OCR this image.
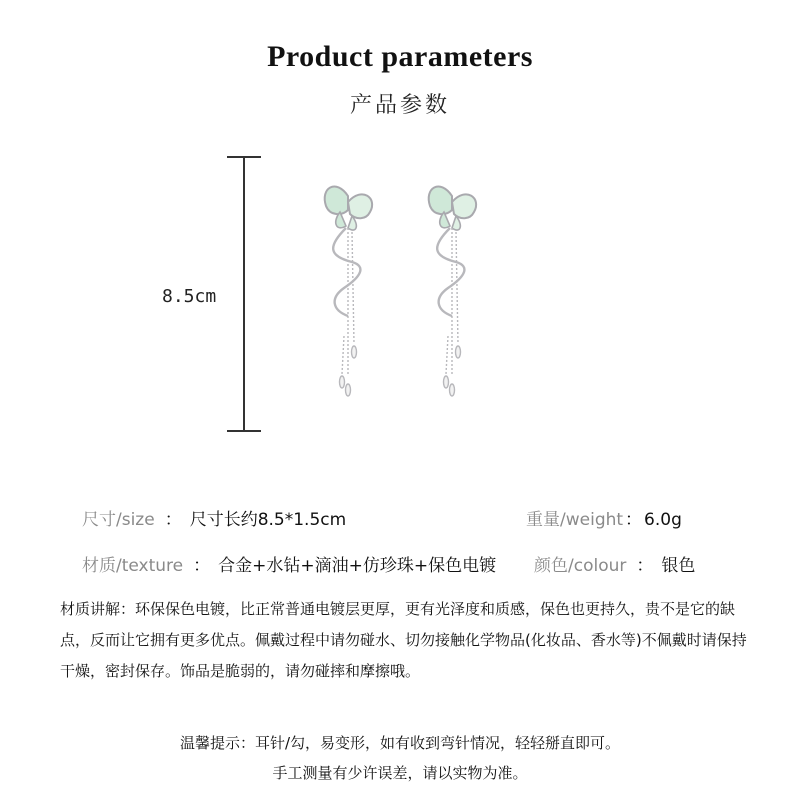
Product parameters
产品参数
8.5cm
尺寸/size ： 尺寸长约8.5*1.5cm	重量/weight ： 6.0g
材质/texture ： 合金+水钻+滴油+仿珍珠+保色电镀 颜色/colour ： 银色
材质讲解：环保保色电镀，比正常普通电镀层更厚，更有光泽度和质感，保色也更持久，贵不是它的缺点，反而让它拥有更多优点。佩戴过程中请勿碰水、切勿接触化学物品(化妆品、香水等)不佩戴时请保持干燥，密封保存。饰品是脆弱的，请勿碰摔和摩擦哦。
温馨提示：耳针/勾，易变形，如有收到弯针情况，轻轻掰直即可。
手工测量有少许误差，请以实物为准。
